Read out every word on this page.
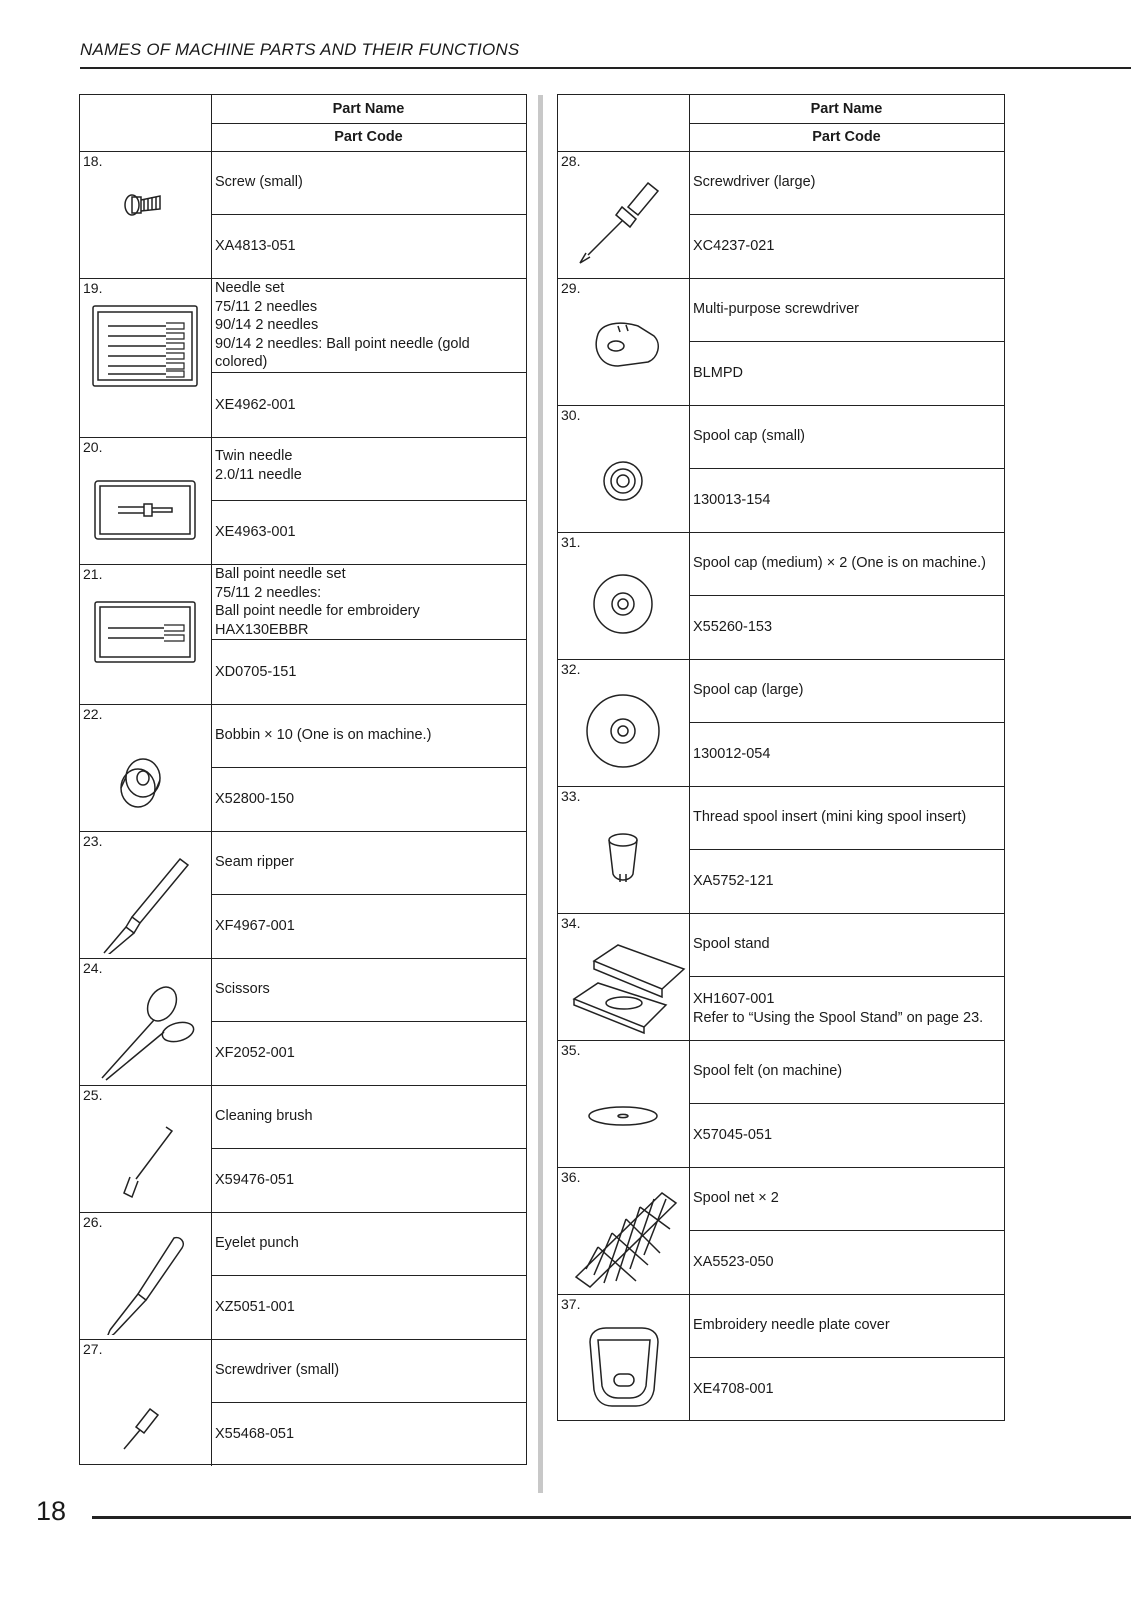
NAMES OF MACHINE PARTS AND THEIR FUNCTIONS
Part Name
Part Code
18.
Screw (small)
XA4813-051
19.	Needle set
75/11 2 needles
90/14 2 needles
90/14 2 needles: Ball point needle (gold
colored)
XE4962-001
20.
Twin needle
2.0/11 needle
XE4963-001
21.	Ball point needle set
75/11 2 needles:
Ball point needle for embroidery
HAX130EBBR
XD0705-151
22.
Bobbin × 10 (One is on machine.)
X52800-150
23.
Seam ripper
XF4967-001
24.
Scissors
XF2052-001
25.
Cleaning brush
X59476-051
26.
Eyelet punch
XZ5051-001
27.
Screwdriver (small)
X55468-051
Part Name
Part Code
28.
Screwdriver (large)
XC4237-021
29.
Multi-purpose screwdriver
BLMPD
30.
Spool cap (small)
130013-154
31.
Spool cap (medium) × 2 (One is on machine.)
X55260-153
32.
Spool cap (large)
130012-054
33.
Thread spool insert (mini king spool insert)
XA5752-121
34.
Spool stand
XH1607-001
Refer to “Using the Spool Stand” on page 23.
35.
Spool felt (on machine)
X57045-051
36.
Spool net × 2
XA5523-050
37.
Embroidery needle plate cover
XE4708-001
18
